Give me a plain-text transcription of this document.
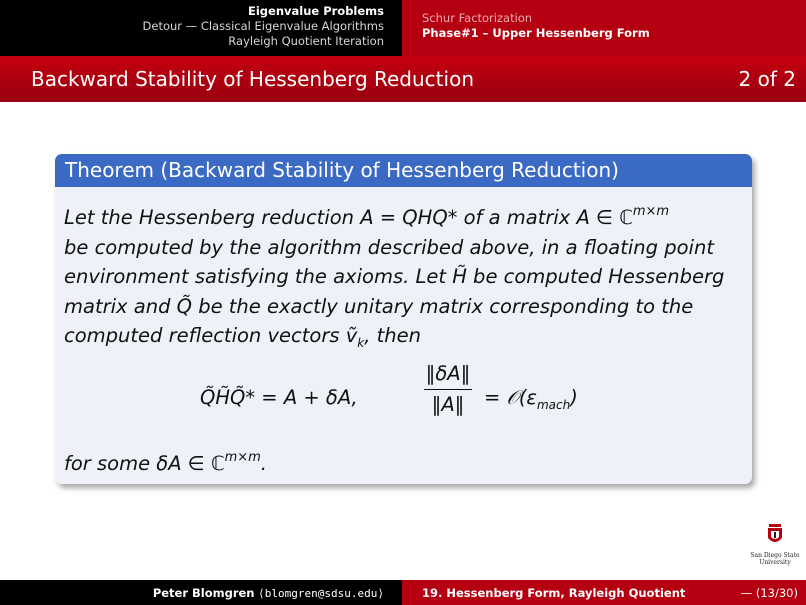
Eigenvalue Problems
Detour — Classical Eigenvalue Algorithms
Rayleigh Quotient Iteration
Schur Factorization
Phase#1 – Upper Hessenberg Form
Backward Stability of Hessenberg Reduction	2 of 2
Theorem (Backward Stability of Hessenberg Reduction)

Let the Hessenberg reduction A = QHQ* of a matrix A ∈ ℂ$^{m\times m}$

be computed by the algorithm described above, in a floating point

environment satisfying the axioms. Let H̃ be computed Hessenberg

matrix and Q̃ be the exactly unitary matrix corresponding to the

computed reflection vectors ṽ$_k$, then

Q̃H̃Q̃* = A + δA,
‖δA‖
‖A‖	= $𝒪(\varepsilon_{mach})$

for some δA ∈ ℂ$^{m\times m}$.

San Diego State
University
Peter Blomgren ⟨blomgren@sdsu.edu⟩	19. Hessenberg Form, Rayleigh Quotient	— (13/30)
